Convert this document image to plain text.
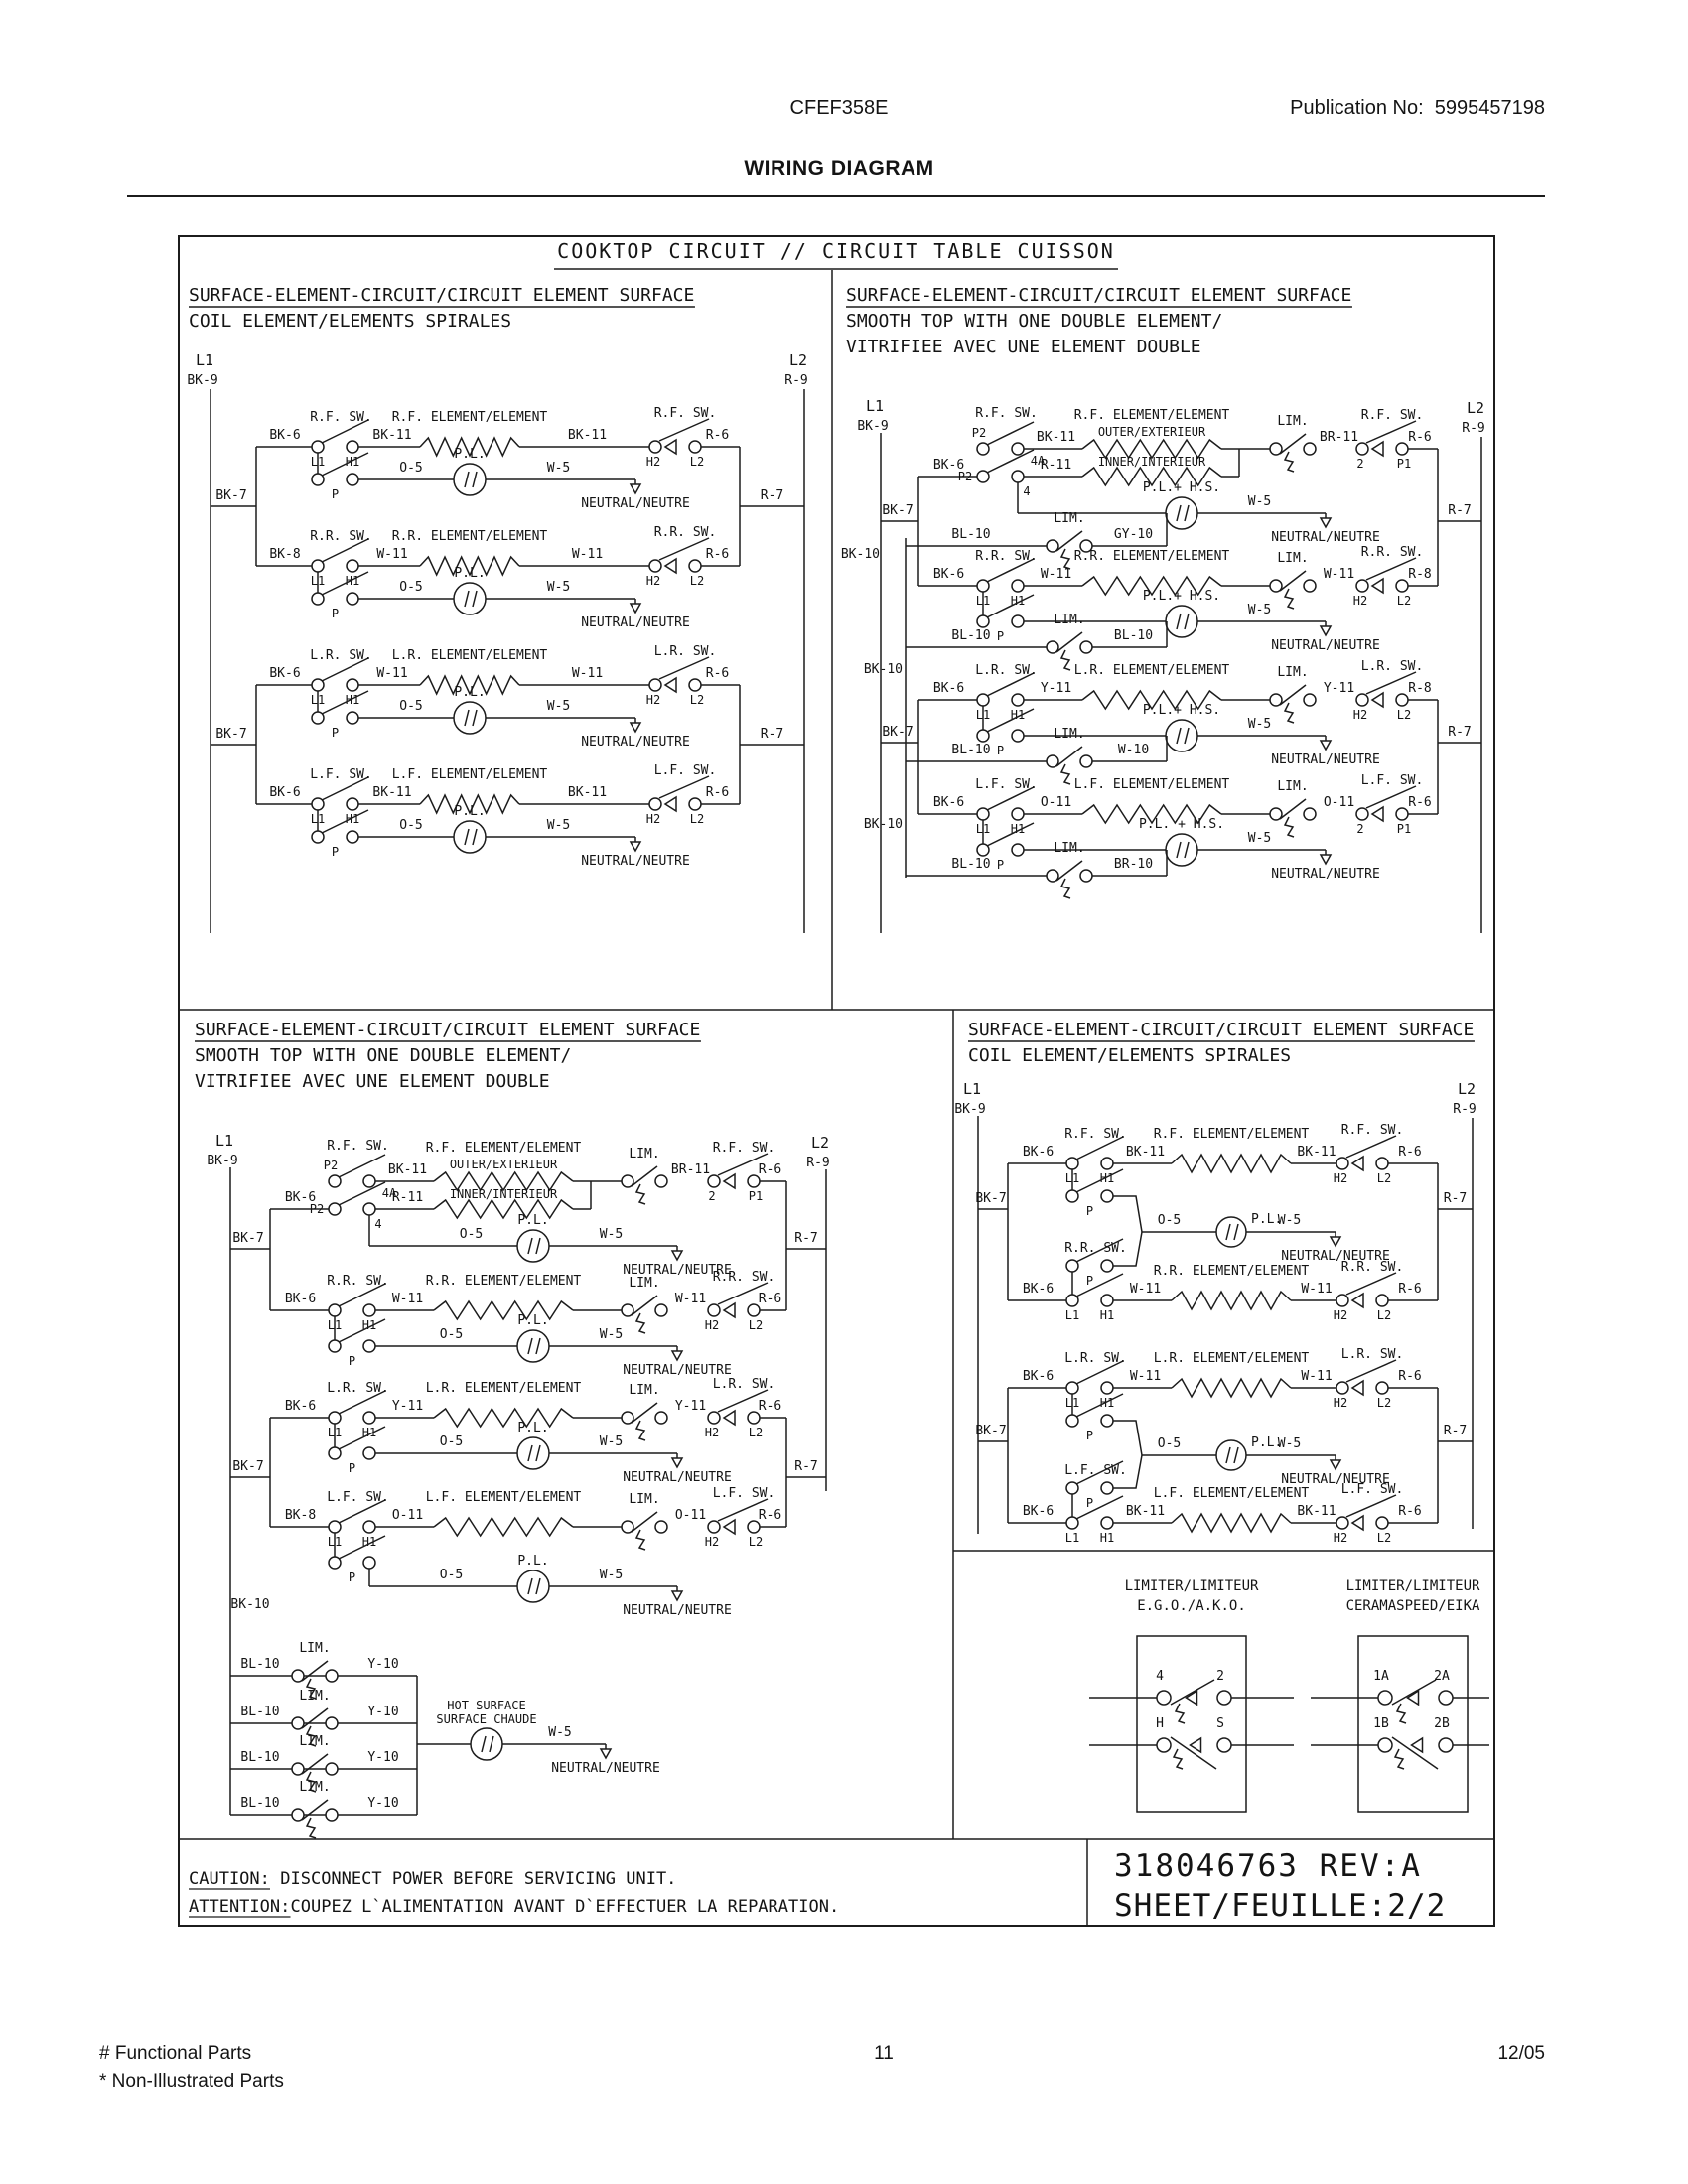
CFEF358E	Publication No:  5995457198
WIRING DIAGRAM
COOKTOP CIRCUIT // CIRCUIT TABLE CUISSON
SURFACE-ELEMENT-CIRCUIT/CIRCUIT ELEMENT SURFACE
COIL ELEMENT/ELEMENTS SPIRALES
L1
BK-9
L2
R-9
BK-7	R-7
BK-7	R-7
BK-6
L1 H1
P
R.F. SW.
BK-11
R.F. ELEMENT/ELEMENT
BK-11
R.F. SW.
H2 L2
R-6
P.L.
O-5	W-5
NEUTRAL/NEUTRE
BK-8
L1 H1
P
R.R. SW.
W-11
R.R. ELEMENT/ELEMENT
W-11
R.R. SW.
H2 L2
R-6
P.L.
O-5	W-5
NEUTRAL/NEUTRE
BK-6
L1 H1
P
L.R. SW.
W-11
L.R. ELEMENT/ELEMENT
W-11
L.R. SW.
H2 L2
R-6
P.L.
O-5	W-5
NEUTRAL/NEUTRE
BK-6
L1 H1
P
L.F. SW.
BK-11
L.F. ELEMENT/ELEMENT
BK-11
L.F. SW.
H2 L2
R-6
P.L.
O-5	W-5
NEUTRAL/NEUTRE
SURFACE-ELEMENT-CIRCUIT/CIRCUIT ELEMENT SURFACE
SMOOTH TOP WITH ONE DOUBLE ELEMENT/
VITRIFIEE AVEC UNE ELEMENT DOUBLE
L1
BK-9
L2
R-9
BK-10
BK-10
BK-10
BK-7	R-7
BK-7	R-7
BK-6
P2
4A
P2
4
R.F. SW.
BK-11
R-11
R.F. ELEMENT/ELEMENT
OUTER/EXTERIEUR
INNER/INTERIEUR
LIM.
BR-11
R.F. SW.
2	P1
R-6
P.L.+ H.S.
W-5
NEUTRAL/NEUTRE
BL-10
LIM.
GY-10
BK-6
L1 H1
P
R.R. SW.
W-11
R.R. ELEMENT/ELEMENT	LIM.
W-11
R.R. SW.
H2 L2
R-8
P.L.+ H.S.
W-5
NEUTRAL/NEUTRE
BL-10
LIM.
BL-10
BK-6
L1 H1
P
L.R. SW.
Y-11
L.R. ELEMENT/ELEMENT	LIM.
Y-11
L.R. SW.
H2 L2
R-8
P.L.+ H.S.
W-5
NEUTRAL/NEUTRE
BL-10
LIM.
W-10
BK-6
L1 H1
P
L.F. SW.
O-11
L.F. ELEMENT/ELEMENT	LIM.
O-11
L.F. SW.
2	P1
R-6
P.L. + H.S.
W-5
NEUTRAL/NEUTRE
BL-10
LIM.
BR-10
SURFACE-ELEMENT-CIRCUIT/CIRCUIT ELEMENT SURFACE
SMOOTH TOP WITH ONE DOUBLE ELEMENT/
VITRIFIEE AVEC UNE ELEMENT DOUBLE
L1
BK-9
L2
R-9
BK-10
BK-7	R-7
BK-7	R-7
BK-6
P2
4A
P2
4
R.F. SW.
BK-11
R-11
R.F. ELEMENT/ELEMENT
OUTER/EXTERIEUR
INNER/INTERIEUR
LIM.
BR-11
R.F. SW.
2	P1
R-6
P.L.
O-5	W-5
NEUTRAL/NEUTRE
BK-6
L1 H1
P
R.R. SW.
W-11
R.R. ELEMENT/ELEMENT	LIM.
W-11
R.R. SW.
H2 L2
R-6
P.L.
O-5	W-5
NEUTRAL/NEUTRE
BK-6
L1 H1
P
L.R. SW.
Y-11
L.R. ELEMENT/ELEMENT	LIM.
Y-11
L.R. SW.
H2 L2
R-6
P.L.
O-5	W-5
NEUTRAL/NEUTRE
BK-8
L1 H1
P
L.F. SW.
O-11
L.F. ELEMENT/ELEMENT	LIM.
O-11
L.F. SW.
H2 L2
R-6
P.L.
O-5	W-5
NEUTRAL/NEUTRE
LIM.
BL-10	Y-10
LIM.
BL-10	Y-10
LIM.
BL-10	Y-10
LIM.
BL-10	Y-10
HOT SURFACE
SURFACE CHAUDE
W-5
NEUTRAL/NEUTRE
SURFACE-ELEMENT-CIRCUIT/CIRCUIT ELEMENT SURFACE
COIL ELEMENT/ELEMENTS SPIRALES
L1
BK-9
L2
R-9
BK-7	R-7
BK-7	R-7
BK-6
L1 H1
P
R.F. SW.
BK-11
R.F. ELEMENT/ELEMENT
BK-11
R.F. SW.
H2 L2
R-6
P.L.
O-5	W-5
NEUTRAL/NEUTRE
BK-6
L1 H1
P
R.R. SW.
W-11
R.R. ELEMENT/ELEMENT
W-11
R.R. SW.
H2 L2
R-6
BK-6
L1 H1
P
L.R. SW.
W-11
L.R. ELEMENT/ELEMENT
W-11
L.R. SW.
H2 L2
R-6
P.L.
O-5	W-5
NEUTRAL/NEUTRE
BK-6
L1 H1
P
L.F. SW.
BK-11
L.F. ELEMENT/ELEMENT
BK-11
L.F. SW.
H2 L2
R-6
LIMITER/LIMITEUR
E.G.O./A.K.O.
4	2
H	S
LIMITER/LIMITEUR
CERAMASPEED/EIKA
1A	2A
1B	2B
CAUTION: DISCONNECT POWER BEFORE SERVICING UNIT.
ATTENTION: COUPEZ L`ALIMENTATION AVANT D`EFFECTUER LA REPARATION.
318046763 REV:A
SHEET/FEUILLE:2/2
# Functional Parts
* Non-Illustrated Parts
11	12/05
